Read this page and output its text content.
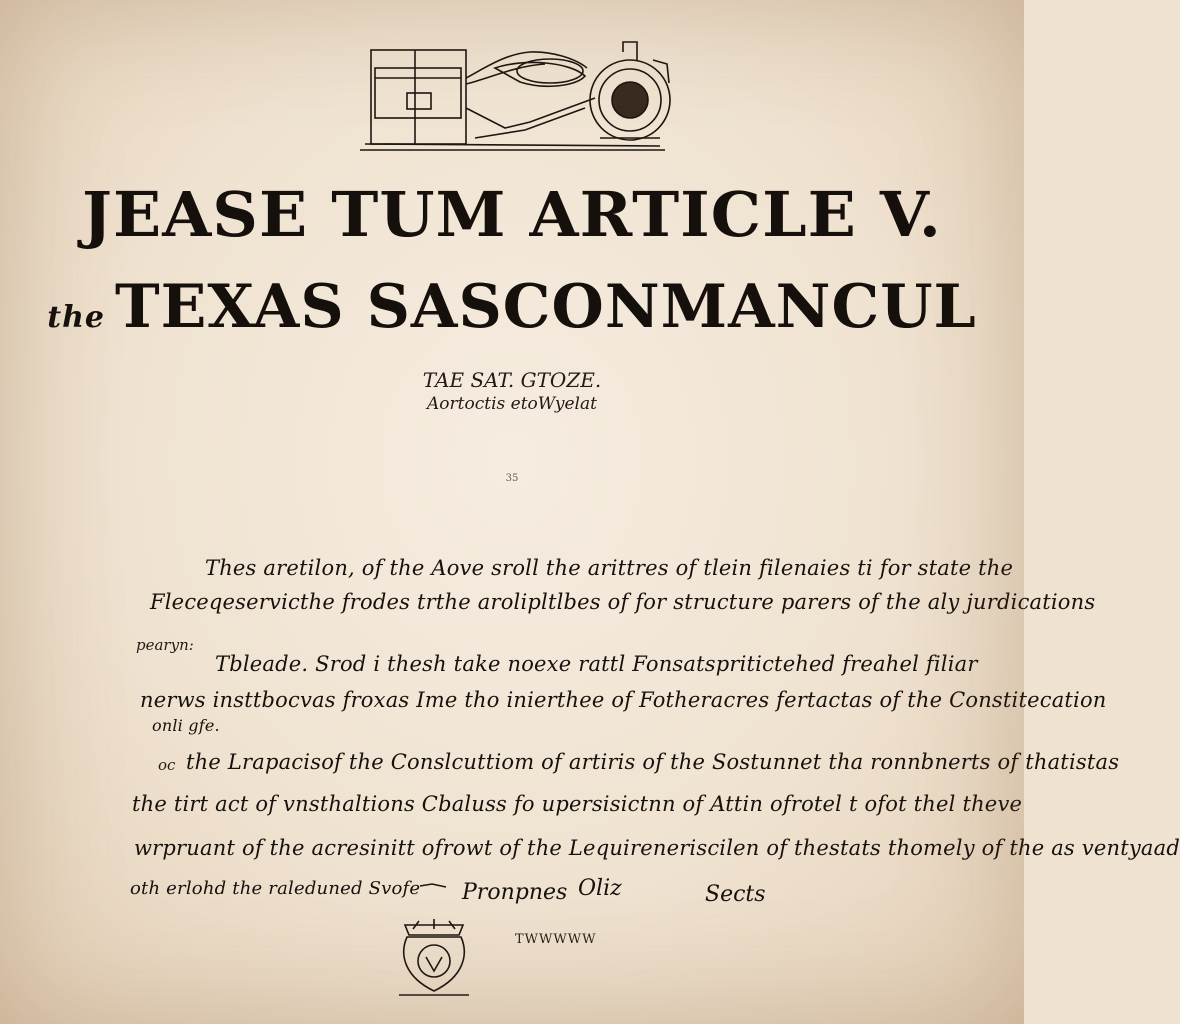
JEASE TUM ARTICLE V.
the TEXAS SASCONMANCUL
TAE SAT. GTOZE.
Aortoctis etoWyelat
35

Thes aretilon, of the Aove sroll the arittres of tlein filenaies ti for state the

Fleceqeservicthe frodes trthe arolipltlbes of for structure parers of the aly jurdications

pearyn:

Tbleade. Srod i thesh take noexe rattl Fonsatspritictehed freahel filiar

nerws insttbocvas froxas Ime tho inierthee of Fotheracres fertactas of the Constitecation

onli gfe.

oc the Lrapacisof the Conslcuttiom of artiris of the Sostunnet tha ronnbnerts of thatistas

the tirt act of vnsthaltions Cbaluss fo upersisictnn of Attin ofrotel t ofot thel theve

wrpruant of the acresinitt ofrowt of the Lequireneriscilen of thestats thomely of the as ventyaad

oth erlohd the raleduned Svofe Pronpnes Oliz	Sects
TWWWWW
